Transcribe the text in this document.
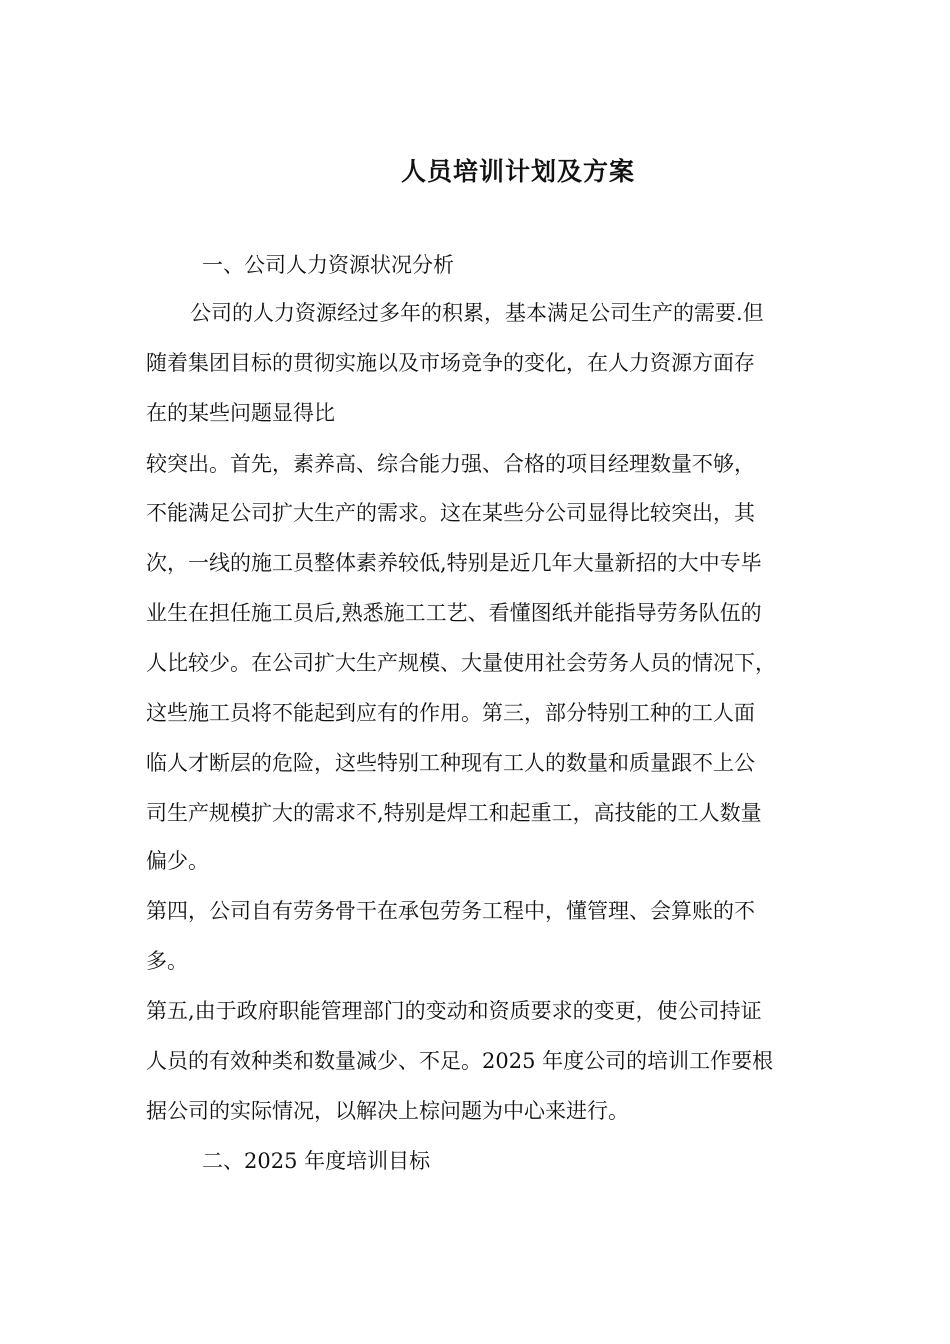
人员培训计划及方案

一、公司人力资源状况分析

公司的人力资源经过多年的积累，基本满足公司生产的需要.但

随着集团目标的贯彻实施以及市场竞争的变化，在人力资源方面存

在的某些问题显得比

较突出。首先，素养高、综合能力强、合格的项目经理数量不够，

不能满足公司扩大生产的需求。这在某些分公司显得比较突出，其

次，一线的施工员整体素养较低,特别是近几年大量新招的大中专毕

业生在担任施工员后,熟悉施工工艺、看懂图纸并能指导劳务队伍的

人比较少。在公司扩大生产规模、大量使用社会劳务人员的情况下，

这些施工员将不能起到应有的作用。第三，部分特别工种的工人面

临人才断层的危险，这些特别工种现有工人的数量和质量跟不上公

司生产规模扩大的需求不,特别是焊工和起重工，高技能的工人数量

偏少。

第四，公司自有劳务骨干在承包劳务工程中，懂管理、会算账的不

多。

第五,由于政府职能管理部门的变动和资质要求的变更，使公司持证

人员的有效种类和数量减少、不足。2025 年度公司的培训工作要根

据公司的实际情况，以解决上棕问题为中心来进行。

二、2025 年度培训目标
